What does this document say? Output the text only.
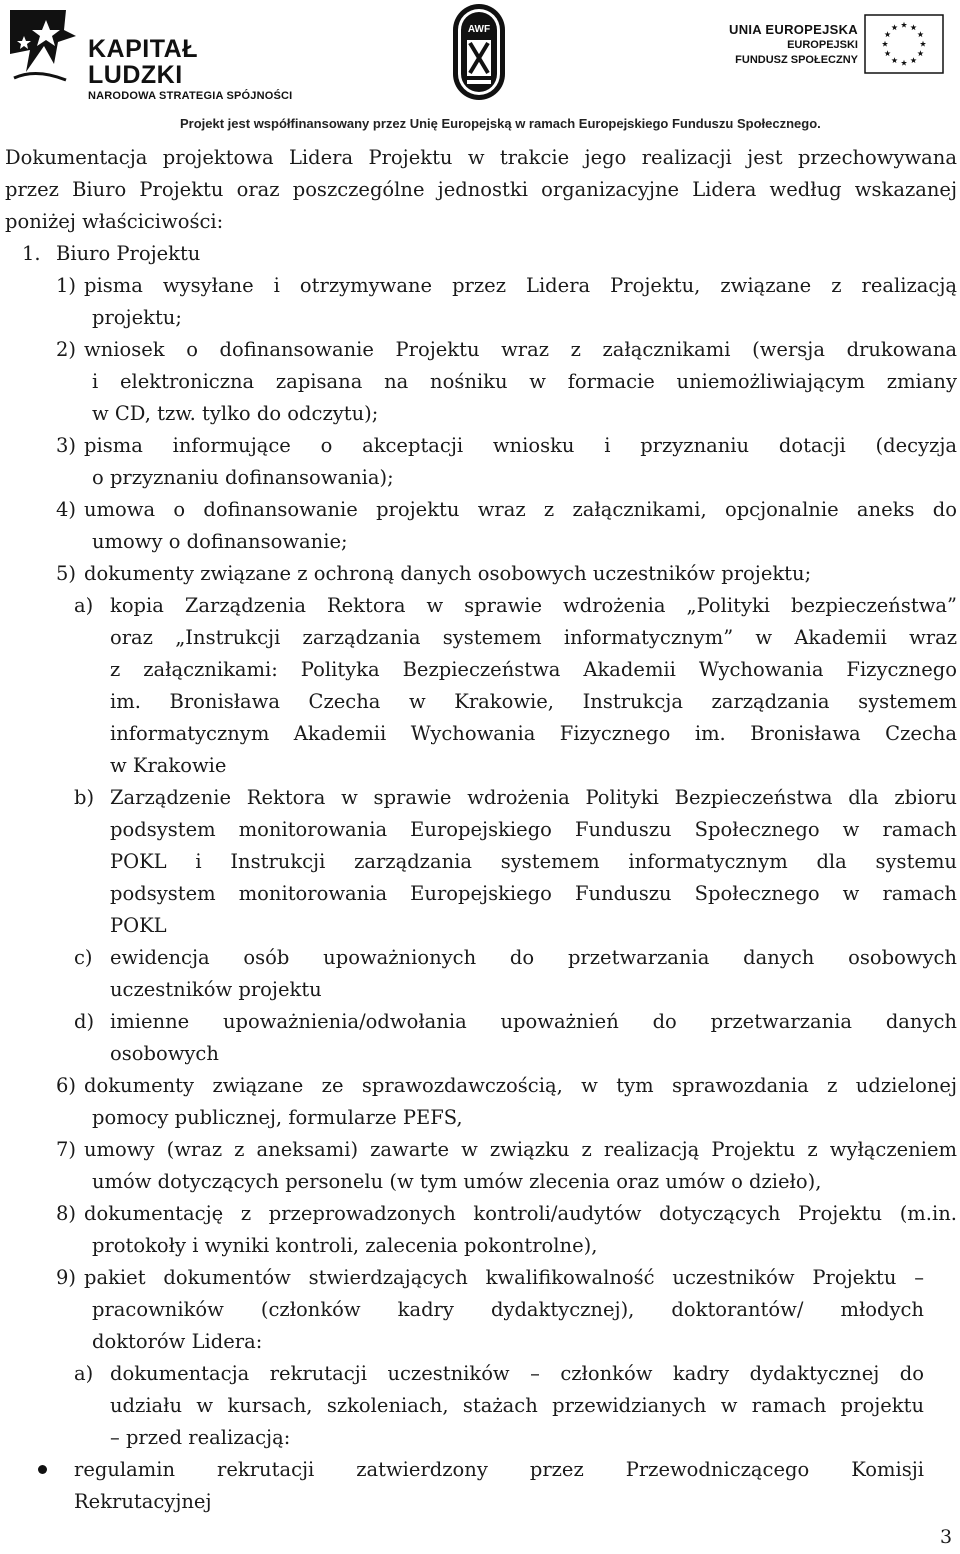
KAPITAŁ LUDZKI
NARODOWA STRATEGIA SPÓJNOŚCI
AWF	UNIA EUROPEJSKA
EUROPEJSKI
FUNDUSZ SPOŁECZNY
Projekt jest współfinansowany przez Unię Europejską w ramach Europejskiego Funduszu Społecznego.
Dokumentacja projektowa Lidera Projektu w trakcie jego realizacji jest przechowywana
przez Biuro Projektu oraz poszczególne jednostki organizacyjne Lidera według wskazanej
poniżej właściciwości:
1. Biuro Projektu
1) pisma wysyłane i otrzymywane przez Lidera Projektu, związane z realizacją
projektu;
2) wniosek o dofinansowanie Projektu wraz z załącznikami (wersja drukowana
i elektroniczna zapisana na nośniku w formacie uniemożliwiającym zmiany
w CD, tzw. tylko do odczytu);
3) pisma informujące o akceptacji wniosku i przyznaniu dotacji (decyzja
o przyznaniu dofinansowania);
4) umowa o dofinansowanie projektu wraz z załącznikami, opcjonalnie aneks do
umowy o dofinansowanie;
5) dokumenty związane z ochroną danych osobowych uczestników projektu;
a) kopia Zarządzenia Rektora w sprawie wdrożenia „Polityki bezpieczeństwa”
oraz „Instrukcji zarządzania systemem informatycznym” w Akademii wraz
z załącznikami: Polityka Bezpieczeństwa Akademii Wychowania Fizycznego
im. Bronisława Czecha w Krakowie, Instrukcja zarządzania systemem
informatycznym Akademii Wychowania Fizycznego im. Bronisława Czecha
w Krakowie
b) Zarządzenie Rektora w sprawie wdrożenia Polityki Bezpieczeństwa dla zbioru
podsystem monitorowania Europejskiego Funduszu Społecznego w ramach
POKL i Instrukcji zarządzania systemem informatycznym dla systemu
podsystem monitorowania Europejskiego Funduszu Społecznego w ramach
POKL
c) ewidencja osób upoważnionych do przetwarzania danych osobowych
uczestników projektu
d) imienne upoważnienia/odwołania upoważnień do przetwarzania danych
osobowych
6) dokumenty związane ze sprawozdawczością, w tym sprawozdania z udzielonej
pomocy publicznej, formularze PEFS,
7) umowy (wraz z aneksami) zawarte w związku z realizacją Projektu z wyłączeniem
umów dotyczących personelu (w tym umów zlecenia oraz umów o dzieło),
8) dokumentację z przeprowadzonych kontroli/audytów dotyczących Projektu (m.in.
protokoły i wyniki kontroli, zalecenia pokontrolne),
9) pakiet dokumentów stwierdzających kwalifikowalność uczestników Projektu –
pracowników (członków kadry dydaktycznej), doktorantów/ młodych
doktorów Lidera:
a) dokumentacja rekrutacji uczestników – członków kadry dydaktycznej do
udziału w kursach, szkoleniach, stażach przewidzianych w ramach projektu
– przed realizacją:
regulamin rekrutacji zatwierdzony przez Przewodniczącego Komisji
Rekrutacyjnej
3
